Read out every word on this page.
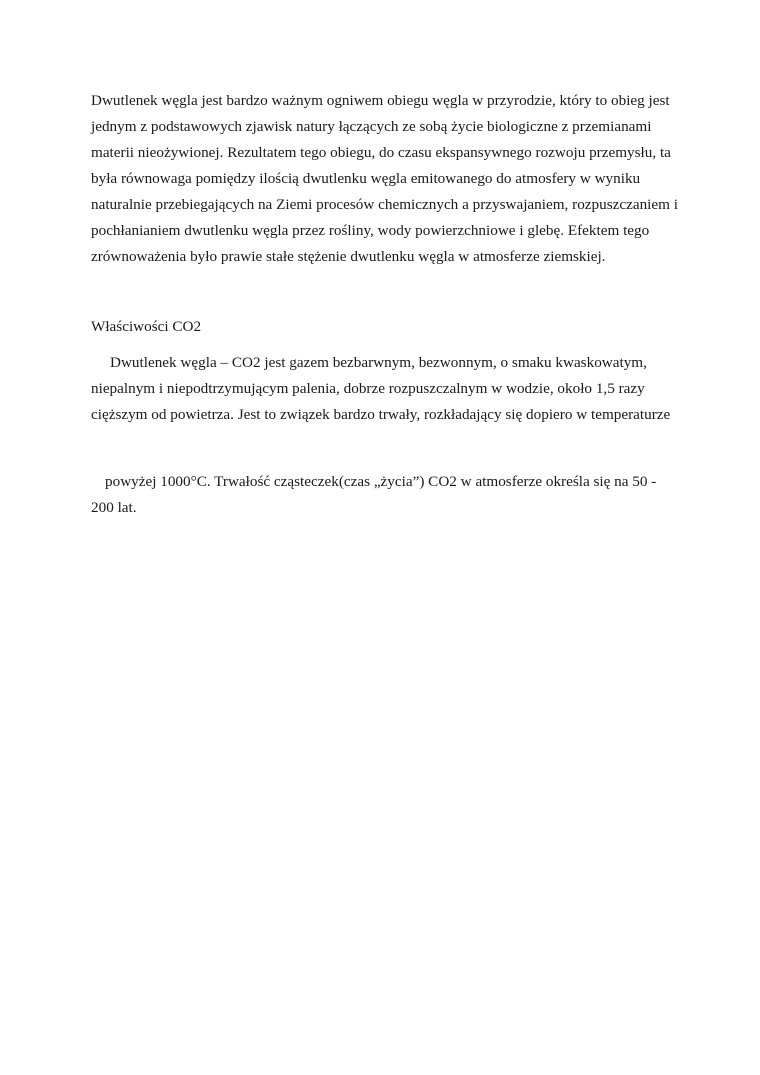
Dwutlenek węgla jest bardzo ważnym ogniwem obiegu węgla w przyrodzie, który to obieg jest jednym z podstawowych zjawisk natury łączących ze sobą życie biologiczne z przemianami materii nieożywionej. Rezultatem tego obiegu, do czasu ekspansywnego rozwoju przemysłu, ta była równowaga pomiędzy ilością dwutlenku węgla emitowanego do atmosfery w wyniku naturalnie przebiegających na Ziemi procesów chemicznych a przyswajaniem, rozpuszczaniem i pochłanianiem dwutlenku węgla przez rośliny, wody powierzchniowe i glebę. Efektem tego zrównoważenia było prawie stałe stężenie dwutlenku węgla w atmosferze ziemskiej.

Właściwości CO2

Dwutlenek węgla – CO2 jest gazem bezbarwnym, bezwonnym, o smaku kwaskowatym, niepalnym i niepodtrzymującym palenia, dobrze rozpuszczalnym w wodzie, około 1,5 razy cięższym od powietrza. Jest to związek bardzo trwały, rozkładający się dopiero w temperaturze

powyżej 1000°C. Trwałość cząsteczek(czas „życia”) CO2 w atmosferze określa się na 50 - 200 lat.
